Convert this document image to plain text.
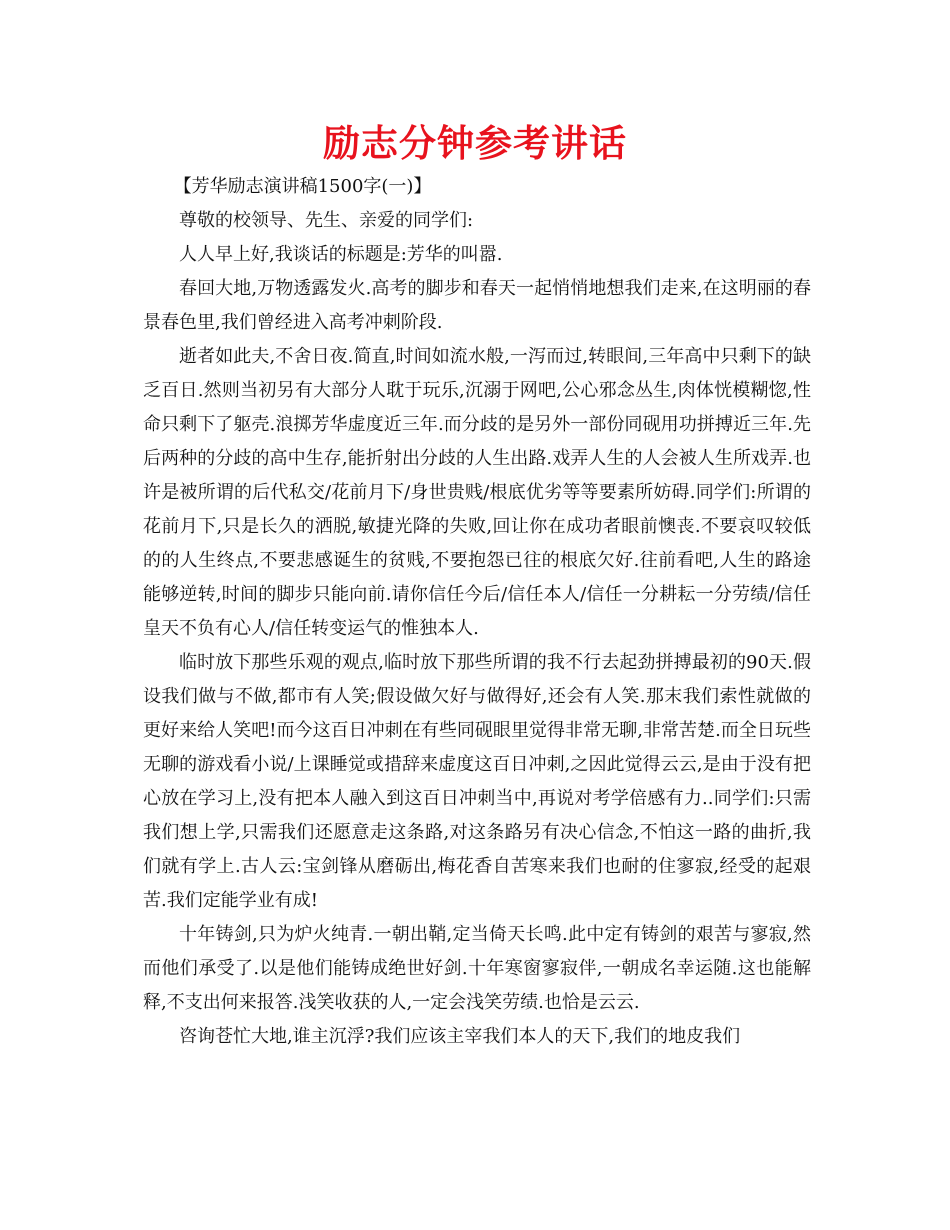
励志分钟参考讲话

【芳华励志演讲稿1500字(一)】

尊敬的校领导、先生、亲爱的同学们:

人人早上好,我谈话的标题是:芳华的叫嚣.

春回大地,万物透露发火.高考的脚步和春天一起悄悄地想我们走来,在这明丽的春景春色里,我们曾经进入高考冲刺阶段.

逝者如此夫,不舍日夜.简直,时间如流水般,一泻而过,转眼间,三年高中只剩下的缺乏百日.然则当初另有大部分人耽于玩乐,沉溺于网吧,公心邪念丛生,肉体恍模糊惚,性命只剩下了躯壳.浪掷芳华虚度近三年.而分歧的是另外一部份同砚用功拼搏近三年.先后两种的分歧的高中生存,能折射出分歧的人生出路.戏弄人生的人会被人生所戏弄.也许是被所谓的后代私交/花前月下/身世贵贱/根底优劣等等要素所妨碍.同学们:所谓的花前月下,只是长久的洒脱,敏捷光降的失败,回让你在成功者眼前懊丧.不要哀叹较低的的人生终点,不要悲感诞生的贫贱,不要抱怨已往的根底欠好.往前看吧,人生的路途能够逆转,时间的脚步只能向前.请你信任今后/信任本人/信任一分耕耘一分劳绩/信任皇天不负有心人/信任转变运气的惟独本人.

临时放下那些乐观的观点,临时放下那些所谓的我不行去起劲拼搏最初的90天.假设我们做与不做,都市有人笑;假设做欠好与做得好,还会有人笑.那末我们索性就做的更好来给人笑吧!而今这百日冲刺在有些同砚眼里觉得非常无聊,非常苦楚.而全日玩些无聊的游戏看小说/上课睡觉或措辞来虚度这百日冲刺,之因此觉得云云,是由于没有把心放在学习上,没有把本人融入到这百日冲刺当中,再说对考学倍感有力..同学们:只需我们想上学,只需我们还愿意走这条路,对这条路另有决心信念,不怕这一路的曲折,我们就有学上.古人云:宝剑锋从磨砺出,梅花香自苦寒来我们也耐的住寥寂,经受的起艰苦.我们定能学业有成!

十年铸剑,只为炉火纯青.一朝出鞘,定当倚天长鸣.此中定有铸剑的艰苦与寥寂,然而他们承受了.以是他们能铸成绝世好剑.十年寒窗寥寂伴,一朝成名幸运随.这也能解释,不支出何来报答.浅笑收获的人,一定会浅笑劳绩.也恰是云云.

咨询苍忙大地,谁主沉浮?我们应该主宰我们本人的天下,我们的地皮我们
